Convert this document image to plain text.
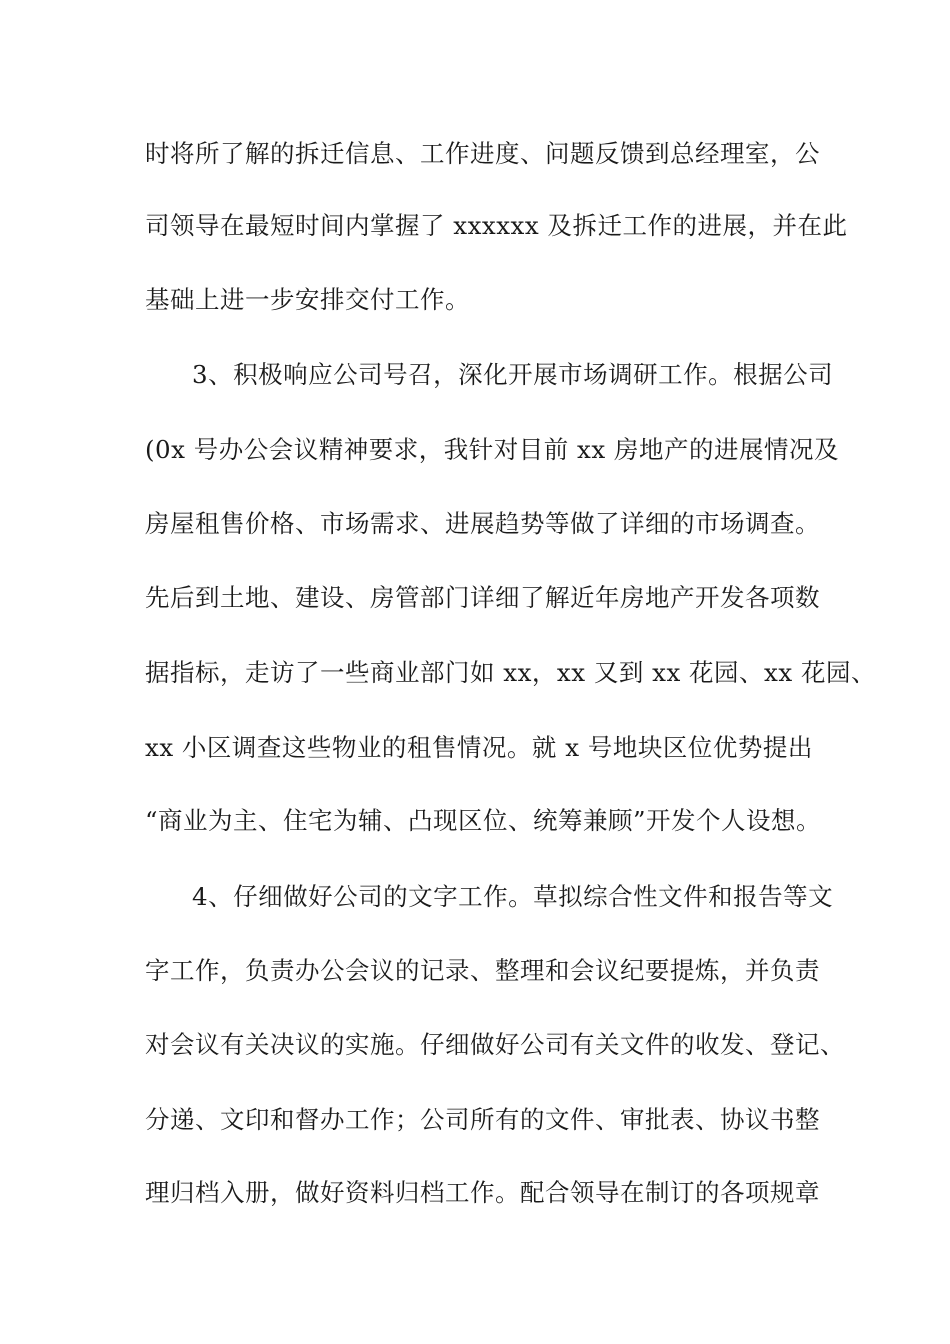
时将所了解的拆迁信息、工作进度、问题反馈到总经理室，公
司领导在最短时间内掌握了 xxxxxx 及拆迁工作的进展，并在此
基础上进一步安排交付工作。
3、积极响应公司号召，深化开展市场调研工作。根据公司
(0x 号办公会议精神要求，我针对目前 xx 房地产的进展情况及
房屋租售价格、市场需求、进展趋势等做了详细的市场调查。
先后到土地、建设、房管部门详细了解近年房地产开发各项数
据指标，走访了一些商业部门如 xx，xx 又到 xx 花园、xx 花园、
xx 小区调查这些物业的租售情况。就 x 号地块区位优势提出
“商业为主、住宅为辅、凸现区位、统筹兼顾”开发个人设想。
4、仔细做好公司的文字工作。草拟综合性文件和报告等文
字工作，负责办公会议的记录、整理和会议纪要提炼，并负责
对会议有关决议的实施。仔细做好公司有关文件的收发、登记、
分递、文印和督办工作；公司所有的文件、审批表、协议书整
理归档入册，做好资料归档工作。配合领导在制订的各项规章
